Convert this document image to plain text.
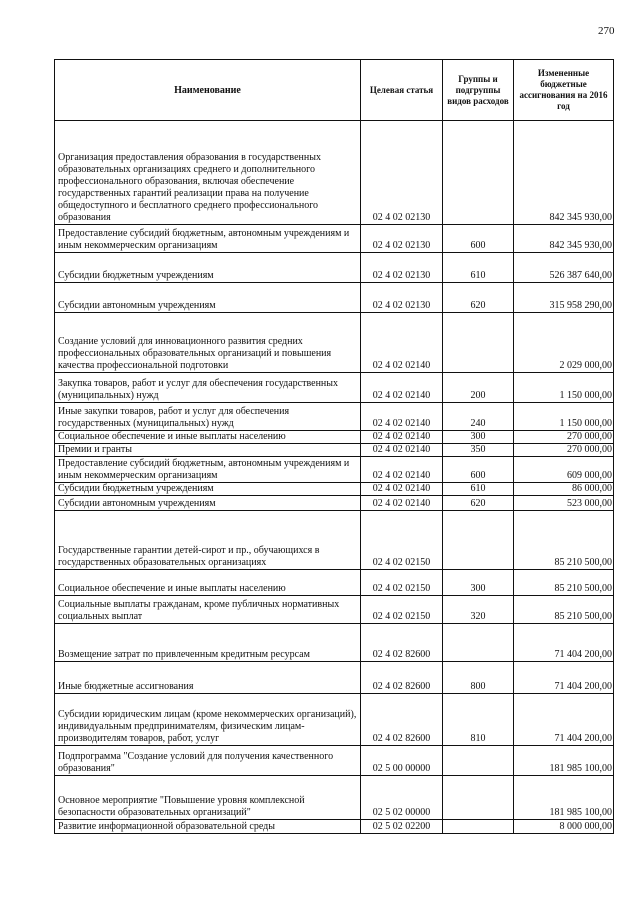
270
Наименование	Целевая статья	Группы и подгруппы видов расходов	Измененные бюджетные ассигнования на 2016 год
Организация предоставления образования в государственных образовательных организациях среднего и дополнительного профессионального образования, включая обеспечение государственных гарантий реализации права на получение общедоступного и бесплатного среднего профессионального образования	02 4 02 02130		842 345 930,00
Предоставление субсидий бюджетным, автономным учреждениям и иным некоммерческим организациям	02 4 02 02130	600	842 345 930,00
Субсидии бюджетным учреждениям	02 4 02 02130	610	526 387 640,00
Субсидии автономным учреждениям	02 4 02 02130	620	315 958 290,00
Создание условий для инновационного развития средних профессиональных образовательных организаций и повышения качества профессиональной подготовки	02 4 02 02140		2 029 000,00
Закупка товаров, работ и услуг для обеспечения государственных (муниципальных) нужд	02 4 02 02140	200	1 150 000,00
Иные закупки товаров, работ и услуг для обеспечения государственных (муниципальных) нужд	02 4 02 02140	240	1 150 000,00
Социальное обеспечение и иные выплаты населению	02 4 02 02140	300	270 000,00
Премии и гранты	02 4 02 02140	350	270 000,00
Предоставление субсидий бюджетным, автономным учреждениям и иным некоммерческим организациям	02 4 02 02140	600	609 000,00
Субсидии бюджетным учреждениям	02 4 02 02140	610	86 000,00
Субсидии автономным учреждениям	02 4 02 02140	620	523 000,00
Государственные гарантии детей-сирот и пр., обучающихся в государственных образовательных организациях	02 4 02 02150		85 210 500,00
Социальное обеспечение и иные выплаты населению	02 4 02 02150	300	85 210 500,00
Социальные выплаты гражданам, кроме публичных нормативных социальных выплат	02 4 02 02150	320	85 210 500,00
Возмещение затрат по привлеченным кредитным ресурсам	02 4 02 82600		71 404 200,00
Иные бюджетные ассигнования	02 4 02 82600	800	71 404 200,00
Субсидии юридическим лицам (кроме некоммерческих организаций), индивидуальным предпринимателям, физическим лицам-производителям товаров, работ, услуг	02 4 02 82600	810	71 404 200,00
Подпрограмма "Создание условий для получения качественного образования"	02 5 00 00000		181 985 100,00
Основное мероприятие "Повышение уровня комплексной безопасности образовательных организаций"	02 5 02 00000		181 985 100,00
Развитие информационной образовательной среды	02 5 02 02200		8 000 000,00
